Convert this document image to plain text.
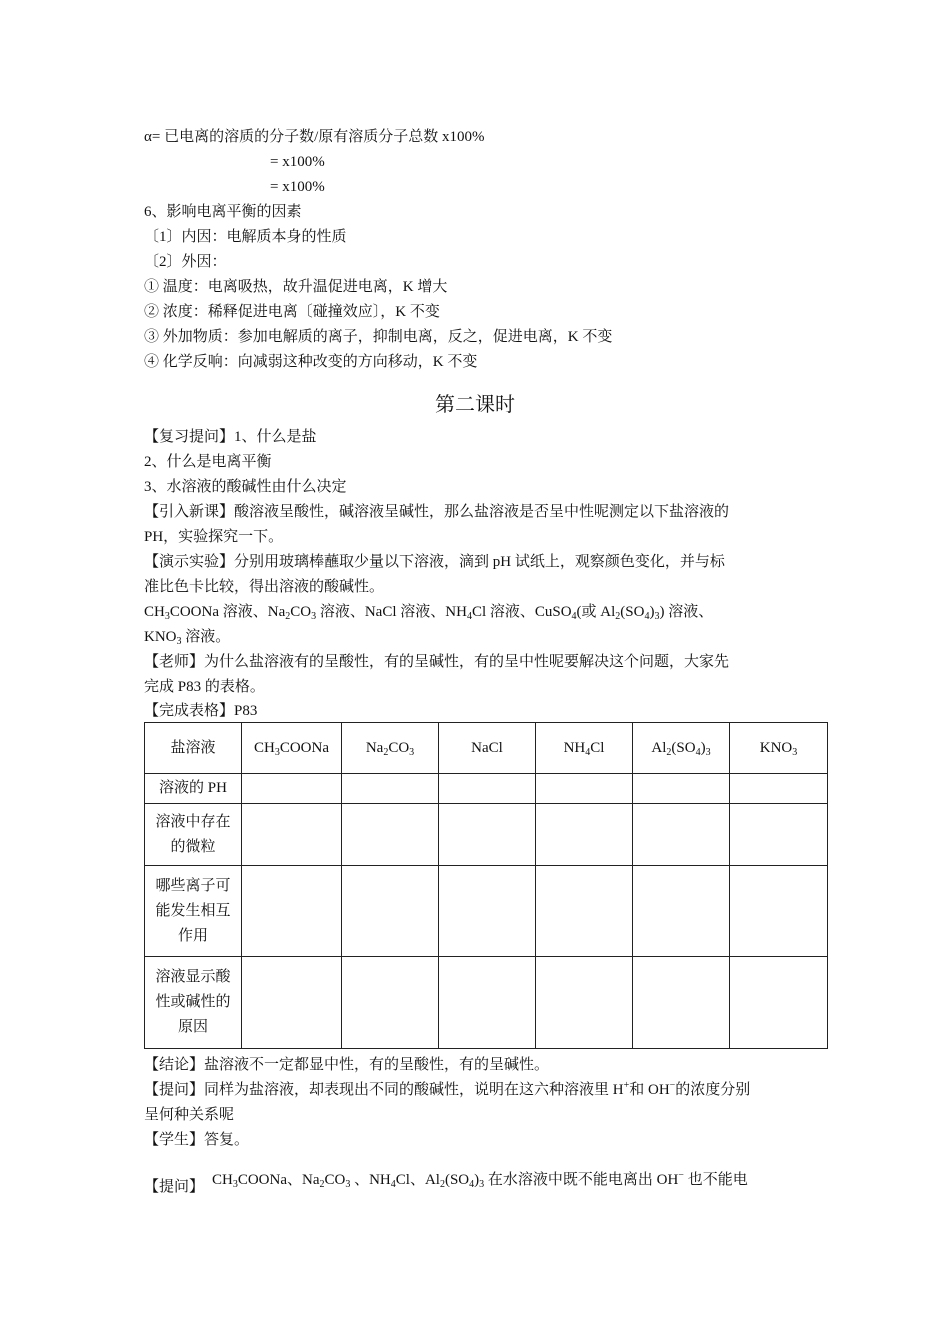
α= 已电离的溶质的分子数/原有溶质分子总数 x100%
= x100%
= x100%
6、影响电离平衡的因素
〔1〕内因：电解质本身的性质
〔2〕外因：
① 温度：电离吸热，故升温促进电离，K 增大
② 浓度：稀释促进电离〔碰撞效应〕，K 不变
③ 外加物质：参加电解质的离子，抑制电离，反之，促进电离，K 不变
④ 化学反响：向减弱这种改变的方向移动，K 不变
第二课时
【复习提问】1、什么是盐
2、什么是电离平衡
3、水溶液的酸碱性由什么决定
【引入新课】酸溶液呈酸性，碱溶液呈碱性，那么盐溶液是否呈中性呢测定以下盐溶液的
PH，实验探究一下。
【演示实验】分别用玻璃棒蘸取少量以下溶液，滴到 pH 试纸上，观察颜色变化，并与标
准比色卡比较，得出溶液的酸碱性。
$CH_3COONa$ 溶液、$Na_2CO_3$ 溶液、NaCl 溶液、$NH_4Cl$ 溶液、CuSO$_4$(或 $Al_2(SO_4)_3$) 溶液、
$KNO_3$ 溶液。
【老师】为什么盐溶液有的呈酸性，有的呈碱性，有的呈中性呢要解决这个问题，大家先
完成 P83 的表格。
【完成表格】P83
盐溶液	$CH_3COONa$	$Na_2CO_3$	NaCl	$NH_4Cl$	$Al_2(SO_4)_3$	$KNO_3$
溶液的 PH						
溶液中存在的微粒						
哪些离子可能发生相互作用						
溶液显示酸性或碱性的原因						
【结论】盐溶液不一定都显中性，有的呈酸性，有的呈碱性。
【提问】同样为盐溶液，却表现出不同的酸碱性，说明在这六种溶液里 H+和 OH−的浓度分别
呈何种关系呢
【学生】答复。
【提问】 $CH_3COONa$、$Na_2CO_3$ 、$NH_4Cl$、$Al_2(SO_4)_3$ 在水溶液中既不能电离出 OH− 也不能电
